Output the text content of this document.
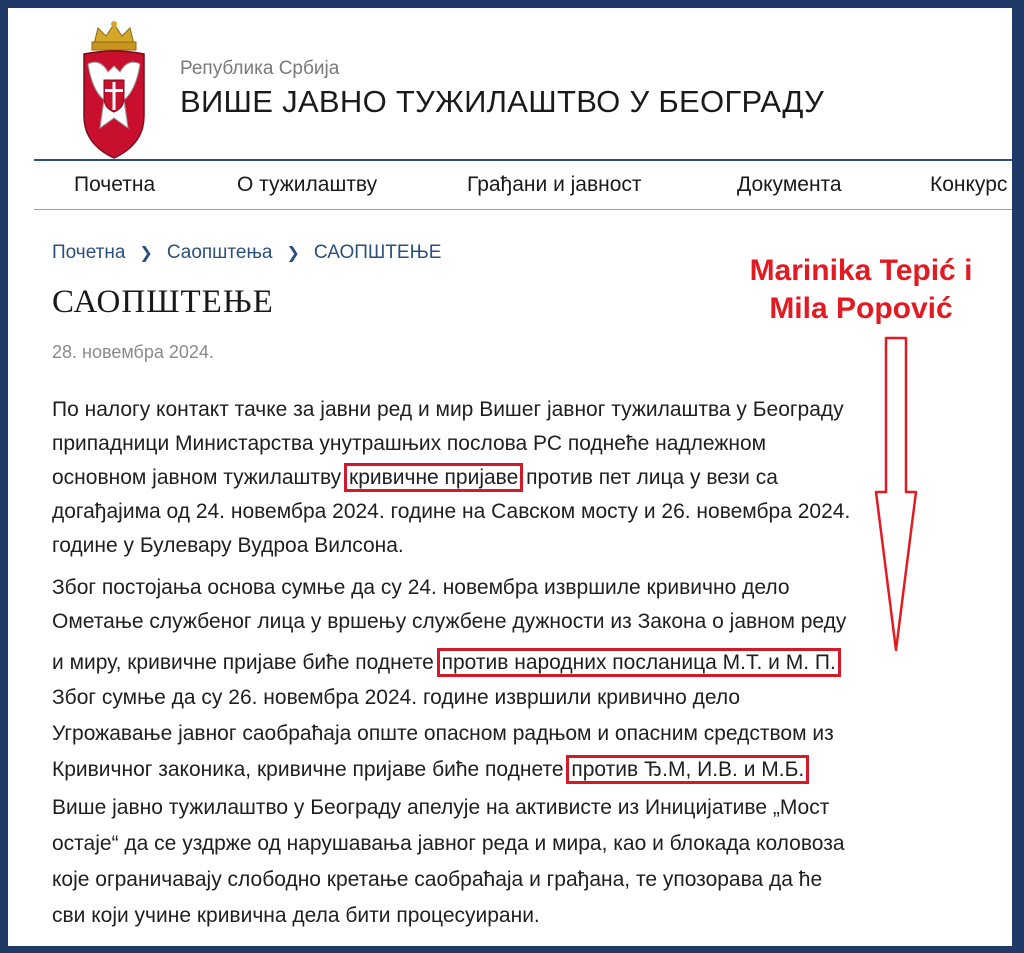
Република Србија
ВИШЕ ЈАВНО ТУЖИЛАШТВО У БЕОГРАДУ
Почетна	О тужилаштву	Грађани и јавност	Документа	Конкурс
Почетна ❯ Саопштења ❯ САОПШТЕЊЕ
САОПШТЕЊЕ
28. новембра 2024.
По налогу контакт тачке за јавни ред и мир Вишег јавног тужилаштва у Београду
припадници Министарства унутрашњих послова РС поднеће надлежном
основном јавном тужилаштву кривичне пријаве против пет лица у вези са
догађајима од 24. новембра 2024. године на Савском мосту и 26. новембра 2024.
године у Булевару Вудроа Вилсона.
Због постојања основа сумње да су 24. новембра извршиле кривично дело
Ометање службеног лица у вршењу службене дужности из Закона о јавном реду
и миру, кривичне пријаве биће поднете против народних посланица М.Т. и М. П.
Због сумње да су 26. новембра 2024. године извршили кривично дело
Угрожавање јавног саобраћаја опште опасном радњом и опасним средством из
Кривичног законика, кривичне пријаве биће поднете против Ђ.М, И.В. и М.Б.
Више јавно тужилаштво у Београду апелује на активисте из Иницијативе „Мост
остаје“ да се уздрже од нарушавања јавног реда и мира, као и блокада коловоза
које ограничавају слободно кретање саобраћаја и грађана, те упозорава да ће
сви који учине кривична дела бити процесуирани.
Marinika Tepić i
Mila Popović
